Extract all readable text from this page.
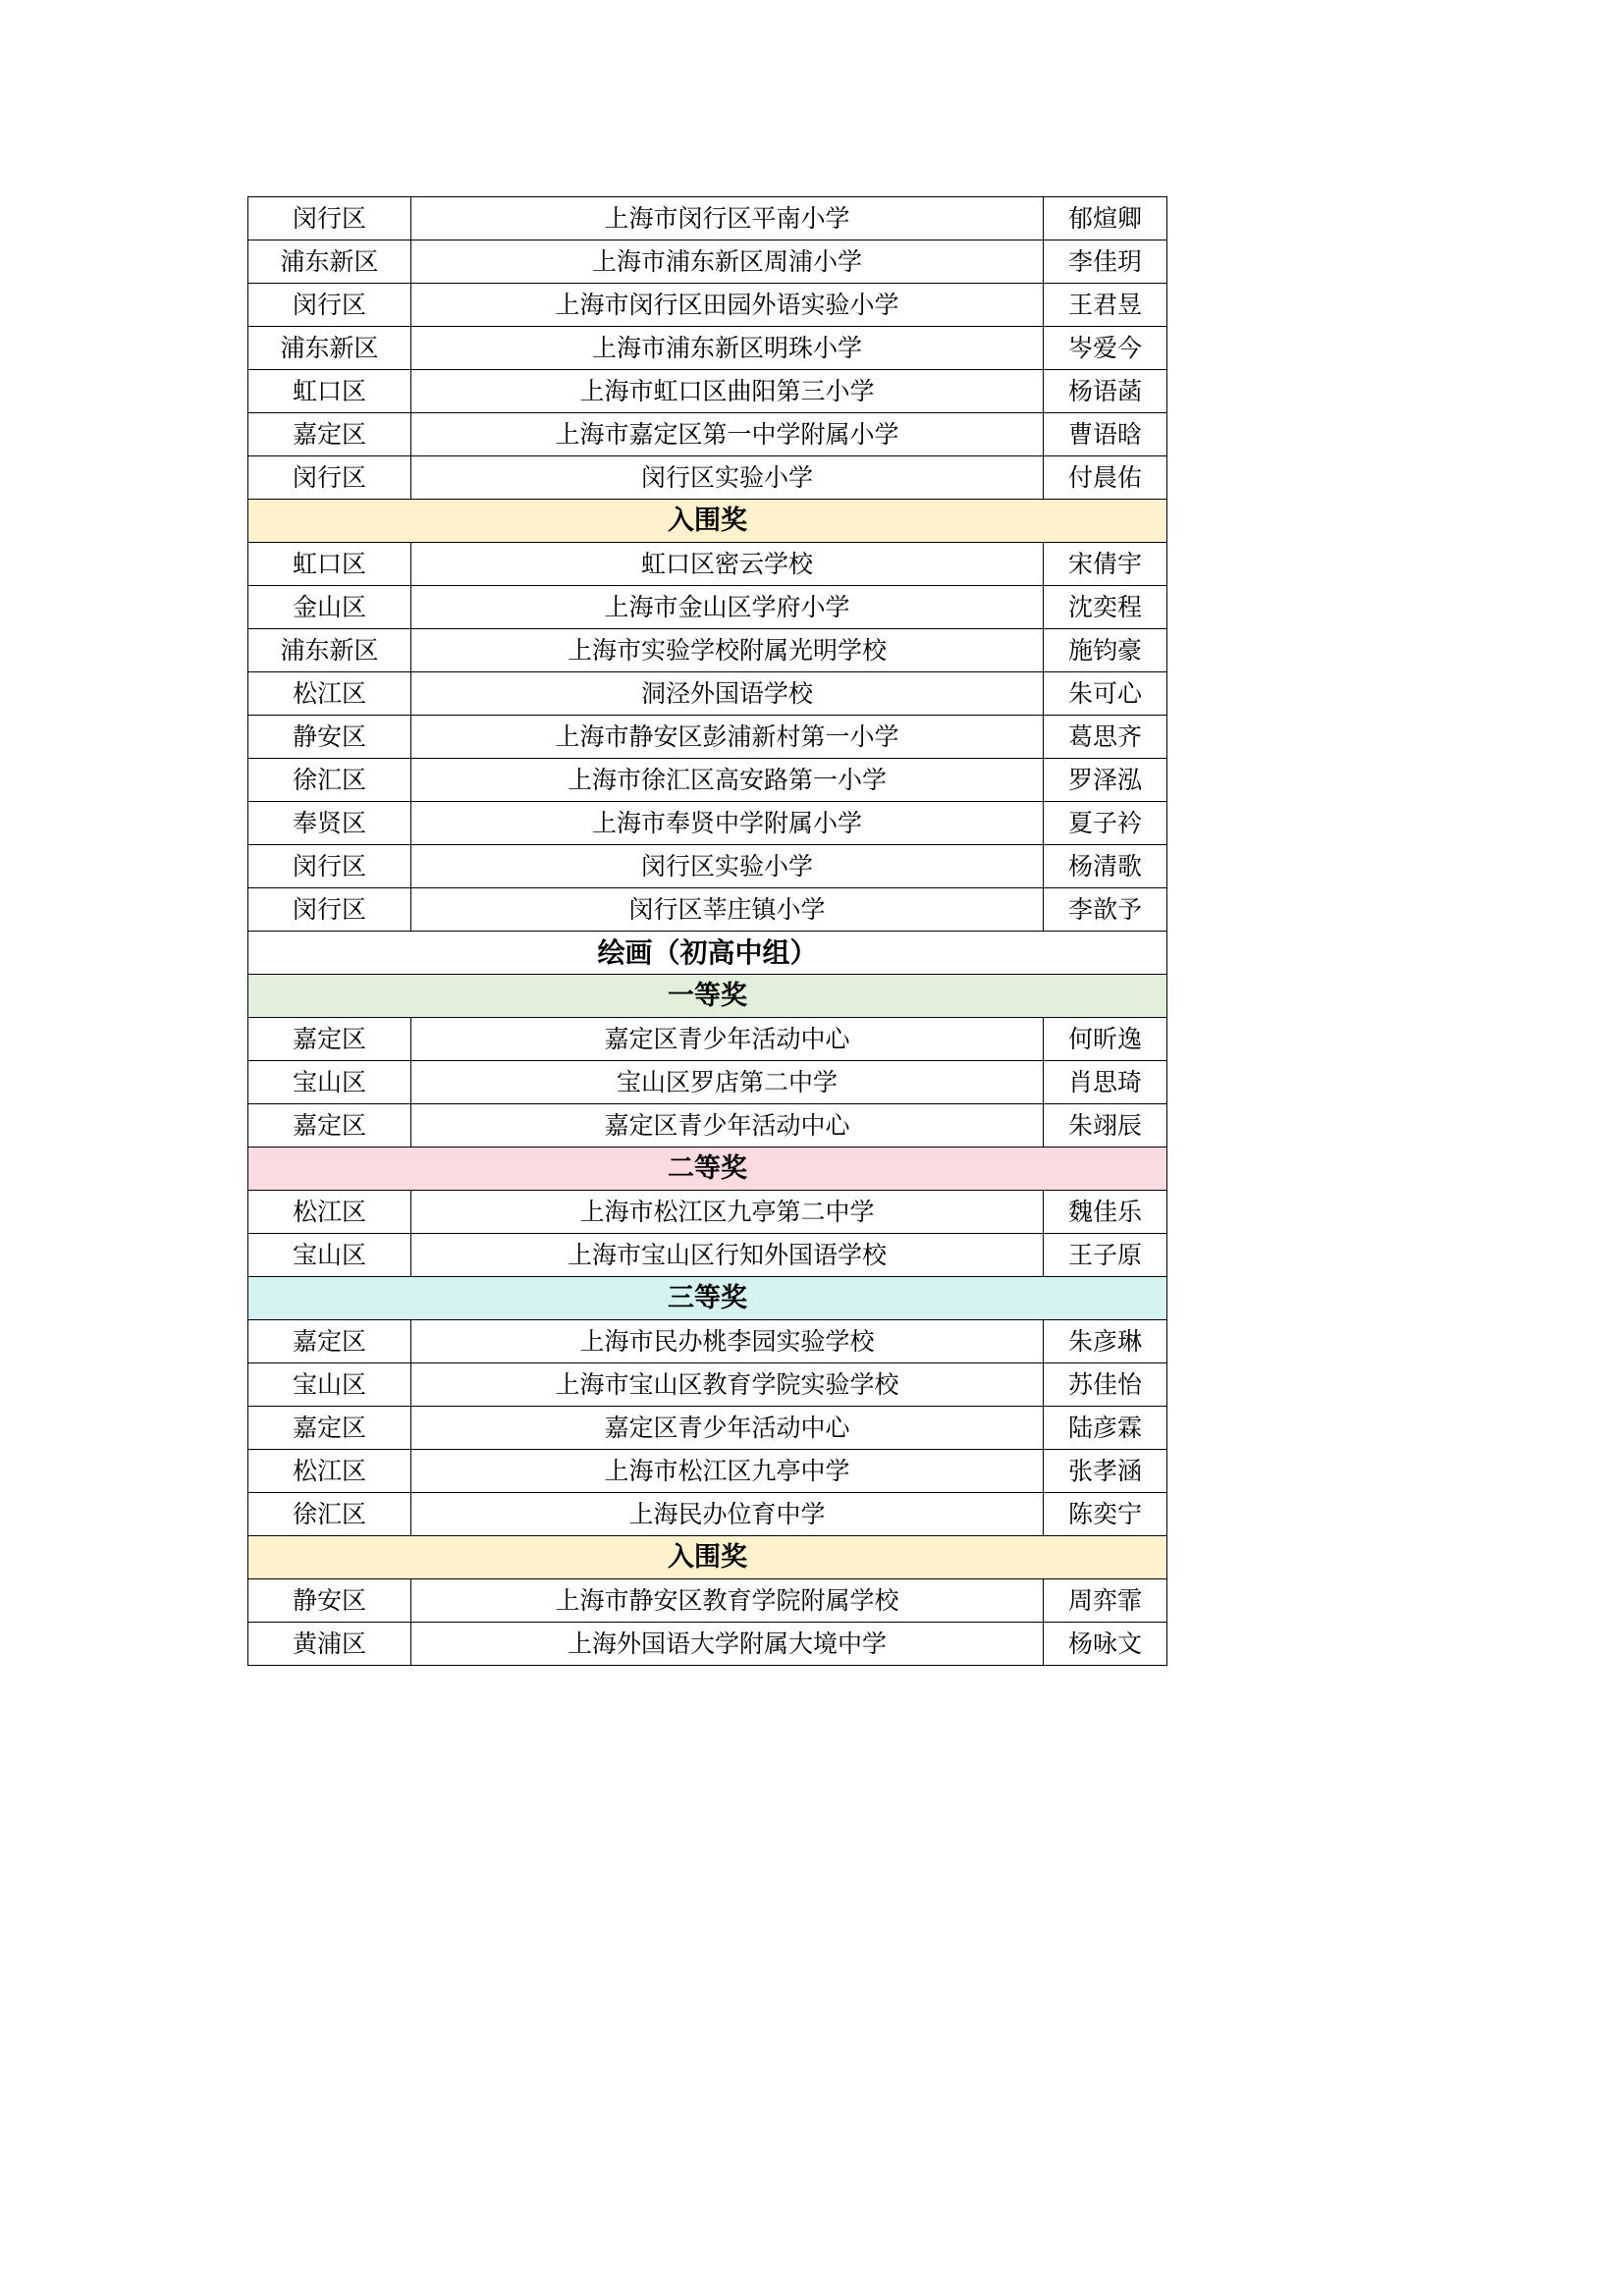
闵行区	上海市闵行区平南小学	郁煊卿
浦东新区	上海市浦东新区周浦小学	李佳玥
闵行区	上海市闵行区田园外语实验小学	王君昱
浦东新区	上海市浦东新区明珠小学	岑爱今
虹口区	上海市虹口区曲阳第三小学	杨语菡
嘉定区	上海市嘉定区第一中学附属小学	曹语晗
闵行区	闵行区实验小学	付晨佑
入围奖		
虹口区	虹口区密云学校	宋倩宇
金山区	上海市金山区学府小学	沈奕程
浦东新区	上海市实验学校附属光明学校	施钧豪
松江区	洞泾外国语学校	朱可心
静安区	上海市静安区彭浦新村第一小学	葛思齐
徐汇区	上海市徐汇区高安路第一小学	罗泽泓
奉贤区	上海市奉贤中学附属小学	夏子衿
闵行区	闵行区实验小学	杨清歌
闵行区	闵行区莘庄镇小学	李歆予
绘画（初高中组）		
一等奖		
嘉定区	嘉定区青少年活动中心	何昕逸
宝山区	宝山区罗店第二中学	肖思琦
嘉定区	嘉定区青少年活动中心	朱翊辰
二等奖		
松江区	上海市松江区九亭第二中学	魏佳乐
宝山区	上海市宝山区行知外国语学校	王子原
三等奖		
嘉定区	上海市民办桃李园实验学校	朱彦琳
宝山区	上海市宝山区教育学院实验学校	苏佳怡
嘉定区	嘉定区青少年活动中心	陆彦霖
松江区	上海市松江区九亭中学	张孝涵
徐汇区	上海民办位育中学	陈奕宁
入围奖		
静安区	上海市静安区教育学院附属学校	周弈霏
黄浦区	上海外国语大学附属大境中学	杨咏文
